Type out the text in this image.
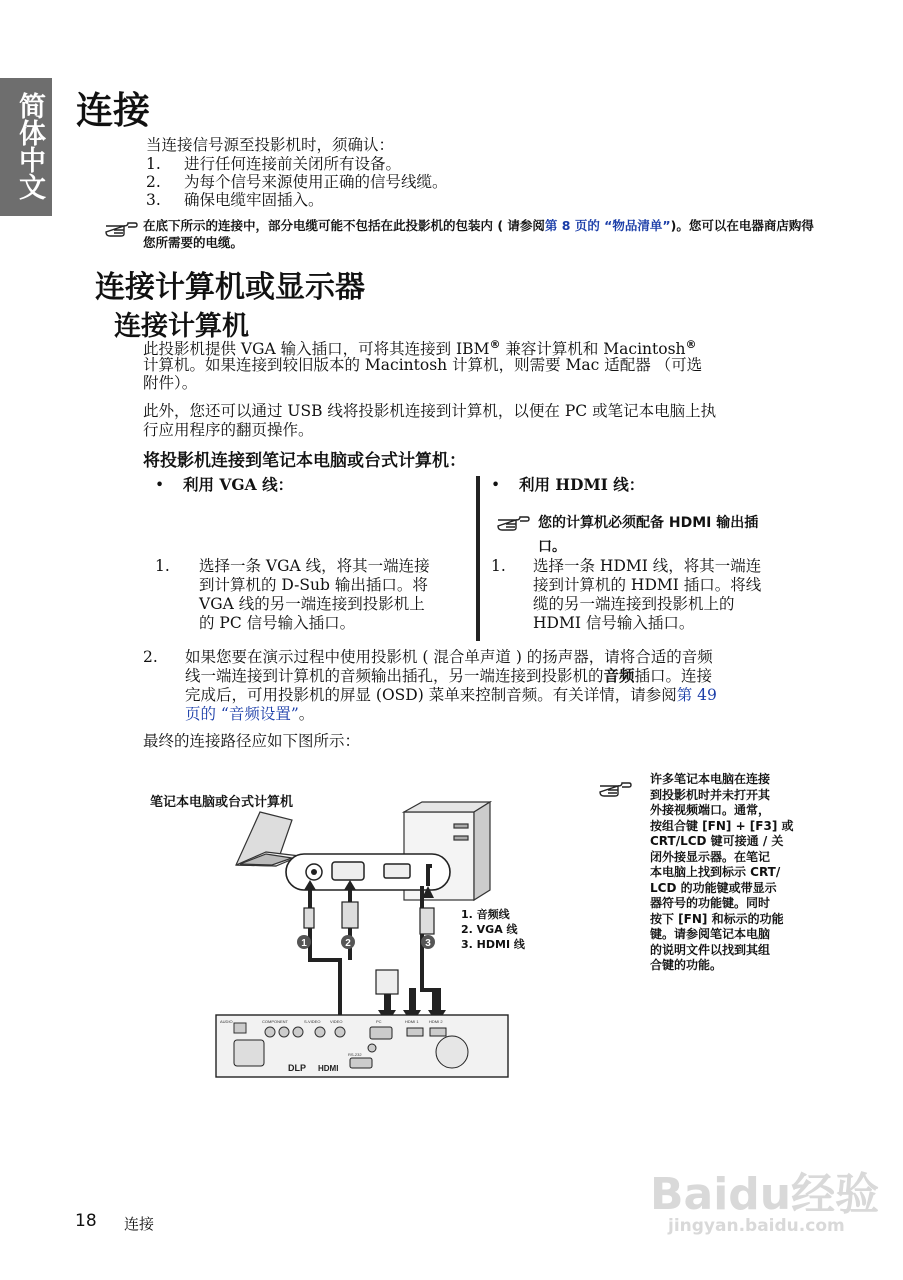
简体中文 连接
当连接信号源至投影机时，须确认：
1. 进行任何连接前关闭所有设备。
2. 为每个信号来源使用正确的信号线缆。
3. 确保电缆牢固插入。
在底下所示的连接中，部分电缆可能不包括在此投影机的包装内 ( 请参阅第 8 页的 “物品清单”)。您可以在电器商店购得您所需要的电缆。
连接计算机或显示器
连接计算机
此投影机提供 VGA 输入插口，可将其连接到 IBM® 兼容计算机和 Macintosh®
计算机。如果连接到较旧版本的 Macintosh 计算机，则需要 Mac 适配器 （可选
附件）。
此外，您还可以通过 USB 线将投影机连接到计算机，以便在 PC 或笔记本电脑上执
行应用程序的翻页操作。
将投影机连接到笔记本电脑或台式计算机：
• 利用 VGA 线：
1. 选择一条 VGA 线，将其一端连接
到计算机的 D-Sub 输出插口。将
VGA 线的另一端连接到投影机上
的 PC 信号输入插口。
• 利用 HDMI 线：
您的计算机必须配备 HDMI 输出插
口。
1. 选择一条 HDMI 线，将其一端连
接到计算机的 HDMI 插口。将线
缆的另一端连接到投影机上的
HDMI 信号输入插口。
2. 如果您要在演示过程中使用投影机 ( 混合单声道 ) 的扬声器，请将合适的音频
线一端连接到计算机的音频输出插孔，另一端连接到投影机的音频插口。连接
完成后，可用投影机的屏显 (OSD) 菜单来控制音频。有关详情，请参阅第 49
页的 “音频设置”。
最终的连接路径应如下图所示：
笔记本电脑或台式计算机
1	2	3
DLP HDMI
AUDIO	COMPONENT	S-VIDEO VIDEO	PC	HDMI 1	HDMI 2
RS-232
1. 音频线
2. VGA 线
3. HDMI 线
许多笔记本电脑在连接
到投影机时并未打开其
外接视频端口。通常，
按组合键 [FN] + [F3] 或
CRT/LCD 键可接通 / 关
闭外接显示器。在笔记
本电脑上找到标示 CRT/
LCD 的功能键或带显示
器符号的功能键。同时
按下 [FN] 和标示的功能
键。请参阅笔记本电脑
的说明文件以找到其组
合键的功能。
Baidu经验
jingyan.baidu.com
18 连接
